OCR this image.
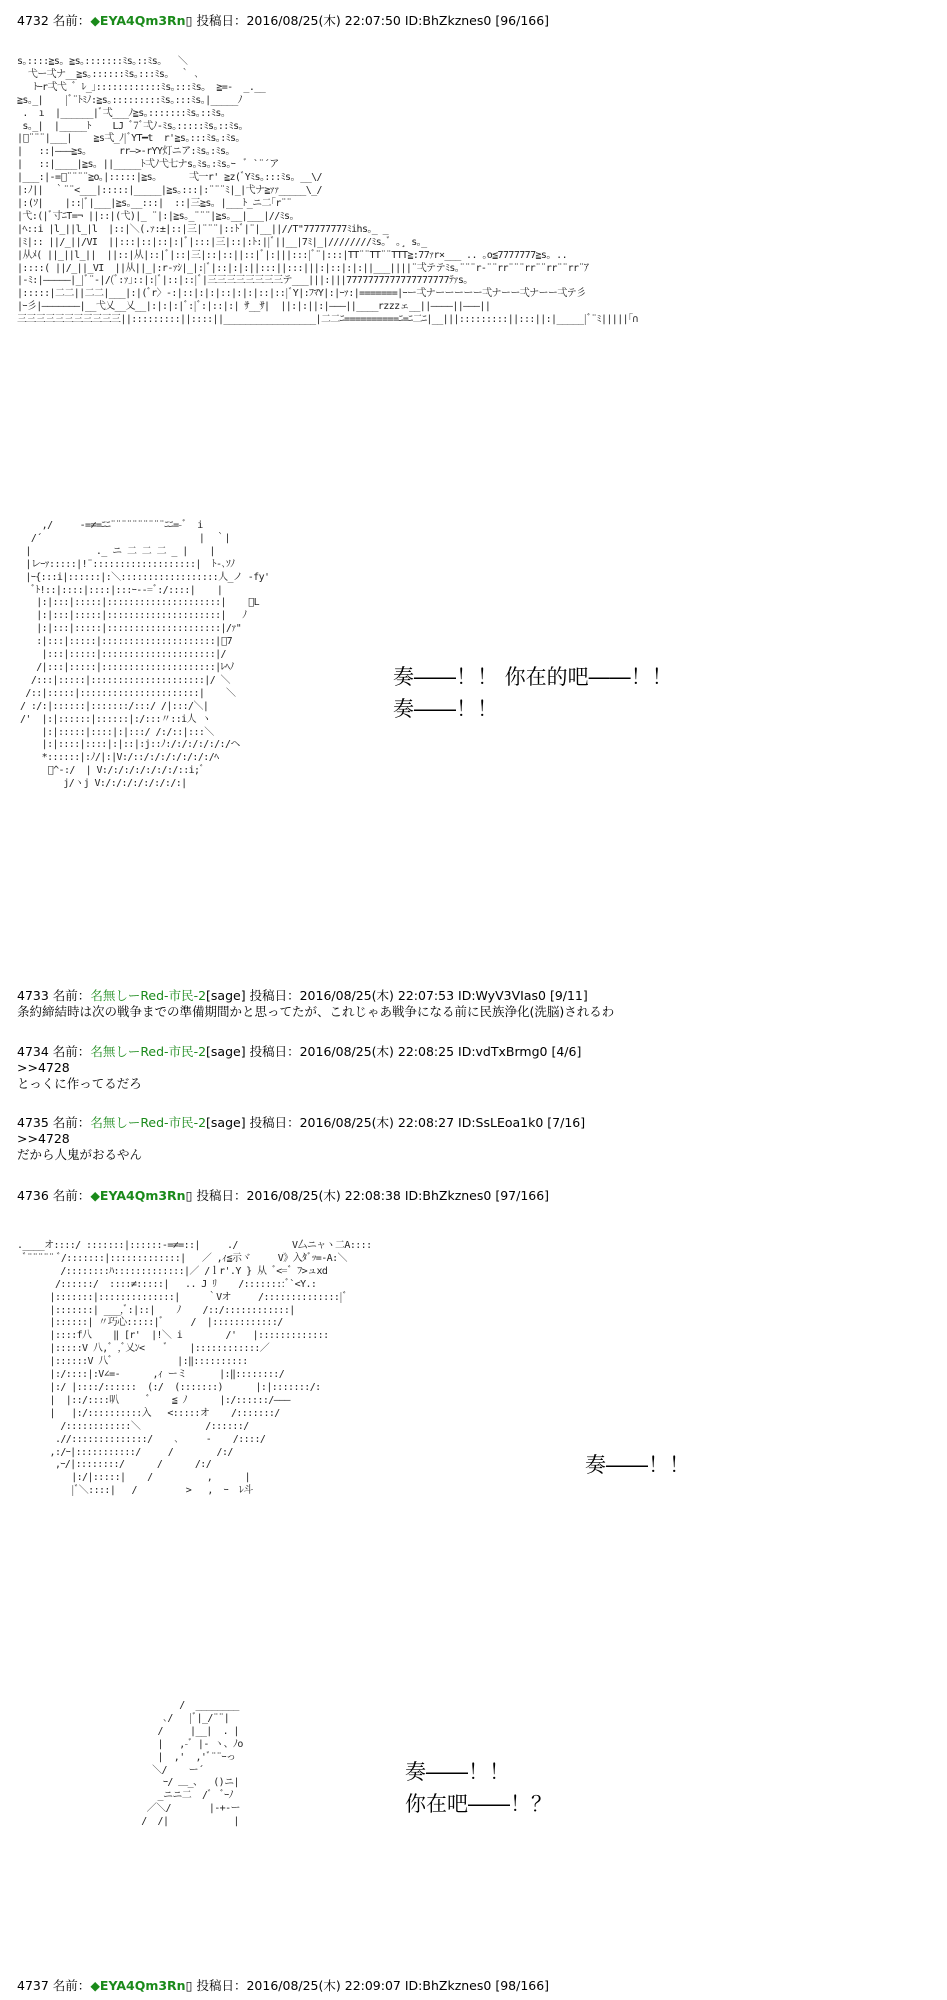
4732 名前：◆EYA4Qm3Rn▯ 投稿日：2016/08/25(木) 22:07:50 ID:BhZkznes0 [96/166]
s｡::::≧s｡ ≧s｡:::::::ﾐs｡::ﾐs｡   ＼
弋ー弌ナ__≧s｡::::::ﾐs｡:::ﾐs｡  ｀ ､
ﾄｰr弌弋 ﾞ ﾚ_｣::::::::::::ﾐs｡:::ﾐs｡  ≧=-  _.__
≧s｡_|    |ﾞ¨ﾄﾐﾉ:≧s｡:::::::::ﾐs｡:::ﾐs｡|_____ﾉ
.  ı  |______|ﾞ弌___ﾉ≧s｡:::::::ﾐs｡::ﾐs｡
s｡_|  |_____ﾄ    LJ ﾞ7ﾞ弌ﾉ-ﾐs｡:::::ﾐs｡::ﾐs｡
|ﾞ¨¨¨|___|    ≧s弌_ﾉ|ﾞYT━t  r'≧s｡:::ﾐs｡:ﾐs｡
|   ::|―――≧s｡      rr―>-rYY灯ニア:ﾐs｡:ﾐs｡
|   ::|____|≧s｡ ||_____ﾄ弌ﾉ弋七ナs｡ﾐs｡:ﾐs｡ｰ  ﾞ `¨´ア
|___:|-=ﾞ¨¨¨¨≧o｡|:::::|≧s｡      弌一r' ≧z(ﾞYﾐs｡:::ﾐs｡ __\/
|:ﾉ||  ｀¨¨<___|:::::|_____|≧s｡:::|:¨¨¨ﾐ|_|弋ナ≧ｧｧ_____\_/
|:(ｿ|    |::|ﾞ|___|≧s｡__:::|  ::|三≧s｡ |___ﾄ_ニ二｢r¨¨
|弋:(|ﾞ寸ﾆT=¬ ||::|(弋)|_ ¨|:|≧s｡_¨¨¨|≧s｡__|___|//ﾐs｡
|ﾍ::i |l_||l_|l  |::|＼(.ｧ:±|::|三|¨¨¨|::ﾄﾞ|¨|__||//T"77777777ﾐihs｡_ _
|ﾐ|:: ||/_||/VI  ||:::|::|::|:|ﾞ|:::|三|::|:ﾄ:||ﾞ||__|7ﾐ|_|////////ﾐs｡ﾞ ｡¸ s｡_
|从ﾒ( ||_||l_||  ||::|从|::|ﾞ|::|三|::|::||::|ﾞ|:|||:::|ﾞ¨|:::|TT¨¨TT¨¨TTT≧:77ｧr×___ .. ｡o≦7777777≧s｡ ..
|::::( ||/_||_VI  ||从||_|:r-ｧｼ|_|:|ﾞ|::|:|:||:::||:::|||:|::|:|:||___||||¨弌テテﾐs｡¨¨¨r-¨¨rr¨¨¨rr¨¨rr¨¨rr¨ｱ
|-ﾐ:|―――――|_|ﾞ¨-|/(ﾞ:ｧ｣::|:|ﾞ|::|::|ﾞ|三三三三三三三三テ___|||:|||7777777777777777777ﾃｧs｡
|:::::|二二||二二|___|:|(ﾞr〉-:|::|:|:|::|:|:|::|::|ﾞY|:ﾌﾏY|:|ｰｧ:|=======|ｰー弌ナーーーーー弌ナーー弌ナーー弌テ彡
|ｰ彡|―――――――|__弋乂__乂__|:|:|:|ﾞ:|ﾞ:|::|:| ｻ__ｻ|  ||:|:||:|―――||____rzzzェ__||――――||―――||
三三三三三三三三三三三||:::::::::||::::||_________________|二二ﾆ==========ﾆ=ﾆ二ﾆ|__|||:::::::::||:::||:|_____|ﾞ¨ﾐ|||||｢∩
,/     -=≠=ﾆﾆ¨¨¨¨¨¨¨¨¨¨ﾆﾆ=-ﾞ  i
/´                             |  ｀|
|            ._ ニ 二 二 二 _ |    |
|レｰｧ:::::|!¨:::::::::::::::::::|  ﾄ-､ｿﾉ
|ｰ{:::i|::::::|:＼::::::::::::::::::人_ノ -fy'
ﾞﾄ!::|::::|::::|:::ｰ--=ﾞ:/::::|    |
|:|:::|:::::|:::::::::::::::::::::|    ﾞL
|:|:::|:::::|:::::::::::::::::::::|   ﾉ
|:|:::|:::::|:::::::::::::::::::::|/ｧ"
:|:::|:::::|:::::::::::::::::::::|ﾞ7
|:::|:::::|:::::::::::::::::::::|/
/|:::|:::::|:::::::::::::::::::::|ﾚﾍﾉ
/:::|:::::|:::::::::::::::::::::|/ ＼
/::|:::::|::::::::::::::::::::::|    ＼
/ :/:|::::::|:::::::/:::/ /|:::/＼|
/'  |:|::::::|::::::|:/:::〃::i人 ヽ
|:|:::::|::::|:|:::/ /:/::|:::＼
|:|::::|::::|:|::|:j::ﾉ:/:/:/:/:/:/ヘ
*::::::|:ﾉ/|:|V:/::/:/:/:/:/:/:/ﾍ
ﾞ^-:/  | V:/:/:/:/:/:/:/::i;ﾞ
j/ヽj V:/:/:/:/:/:/:/:|
奏――！！ 你在的吧――！！
奏――！！
4733 名前：名無しーRed-市民-2[sage] 投稿日：2016/08/25(木) 22:07:53 ID:WyV3VIas0 [9/11]
条約締結時は次の戦争までの準備期間かと思ってたが、これじゃあ戦争になる前に民族浄化(洗脳)されるわ
4734 名前：名無しーRed-市民-2[sage] 投稿日：2016/08/25(木) 22:08:25 ID:vdTxBrmg0 [4/6]
>>4728
とっくに作ってるだろ
4735 名前：名無しーRed-市民-2[sage] 投稿日：2016/08/25(木) 22:08:27 ID:SsLEoa1k0 [7/16]
>>4728
だから人鬼がおるやん
4736 名前：◆EYA4Qm3Rn▯ 投稿日：2016/08/25(木) 22:08:38 ID:BhZkznes0 [97/166]
.____オ::::/ :::::::|::::::-=≠=::|     ./          V厶ニャヽ二A::::
ﾞ¨¨¨¨¨ ﾞ/:::::::|:::::::::::::|   ／ ,ｨ≦示ヾ     V》入ﾀﾞｯ=-A:＼
/::::::::ﾊ:::::::::::::|／ /ｌr'.Y } 从 ﾞ<=ﾞ ﾌ>ュxd
/::::::/  ::::≠:::::|   .. J ﾘ    /::::::::ﾞ`<Y.:
|:::::::|::::::::::::::|     ｀Vオ     /::::::::::::::|ﾞ
|:::::::| ___,ﾞ:|::|    ﾉ    /::/::::::::::::|
|::::::| 〃巧心:::::|ﾞ     /  |::::::::::::/
|::::f八    ‖ [r'  |!＼ i        /'   |:::::::::::::
|:::::V 八,ﾞ ,ﾞ乂ﾝ<    ﾞ    |::::::::::::／
|::::::V 八ﾞ            |:‖::::::::::
|:/::::|:V∠=-      ,ｨ ーミ      |:‖::::::::/
|:/ |::::/::::::  (:/  (:::::::)      |:|:::::::/:
|  |::/::::叭     ﾞ    ≦ ﾉ      |:/::::::/―――
|   |:/::::::::::入   <:::::オ    /:::::::/
/::::::::::::＼            /::::::/
.//::::::::::::::/    ､     ‐    /::::/
,:/ｰ|:::::::::::/     /        /:/
,ｰ/|::::::::/      /      /:/
|:/|:::::|    /          ,      |
|ﾞ＼::::|   /         >   ,  ｰ  ﾚ斗
奏――！！
/  ________
､/   |ﾞ|_/¨¨|
/     |__|  . |
|   ,-ﾞ |- ヽ、ﾉo
|  ,'  ,'ﾞ¨¨ｰっ
＼/    ー´
ｰ/ ＿_、  ()ニ|
_ニニ二  /ﾞ  ﾞｰﾉ
／＼/       |-+-ー
/  /|            |
奏――！！
你在吧――！？
4737 名前：◆EYA4Qm3Rn▯ 投稿日：2016/08/25(木) 22:09:07 ID:BhZkznes0 [98/166]
